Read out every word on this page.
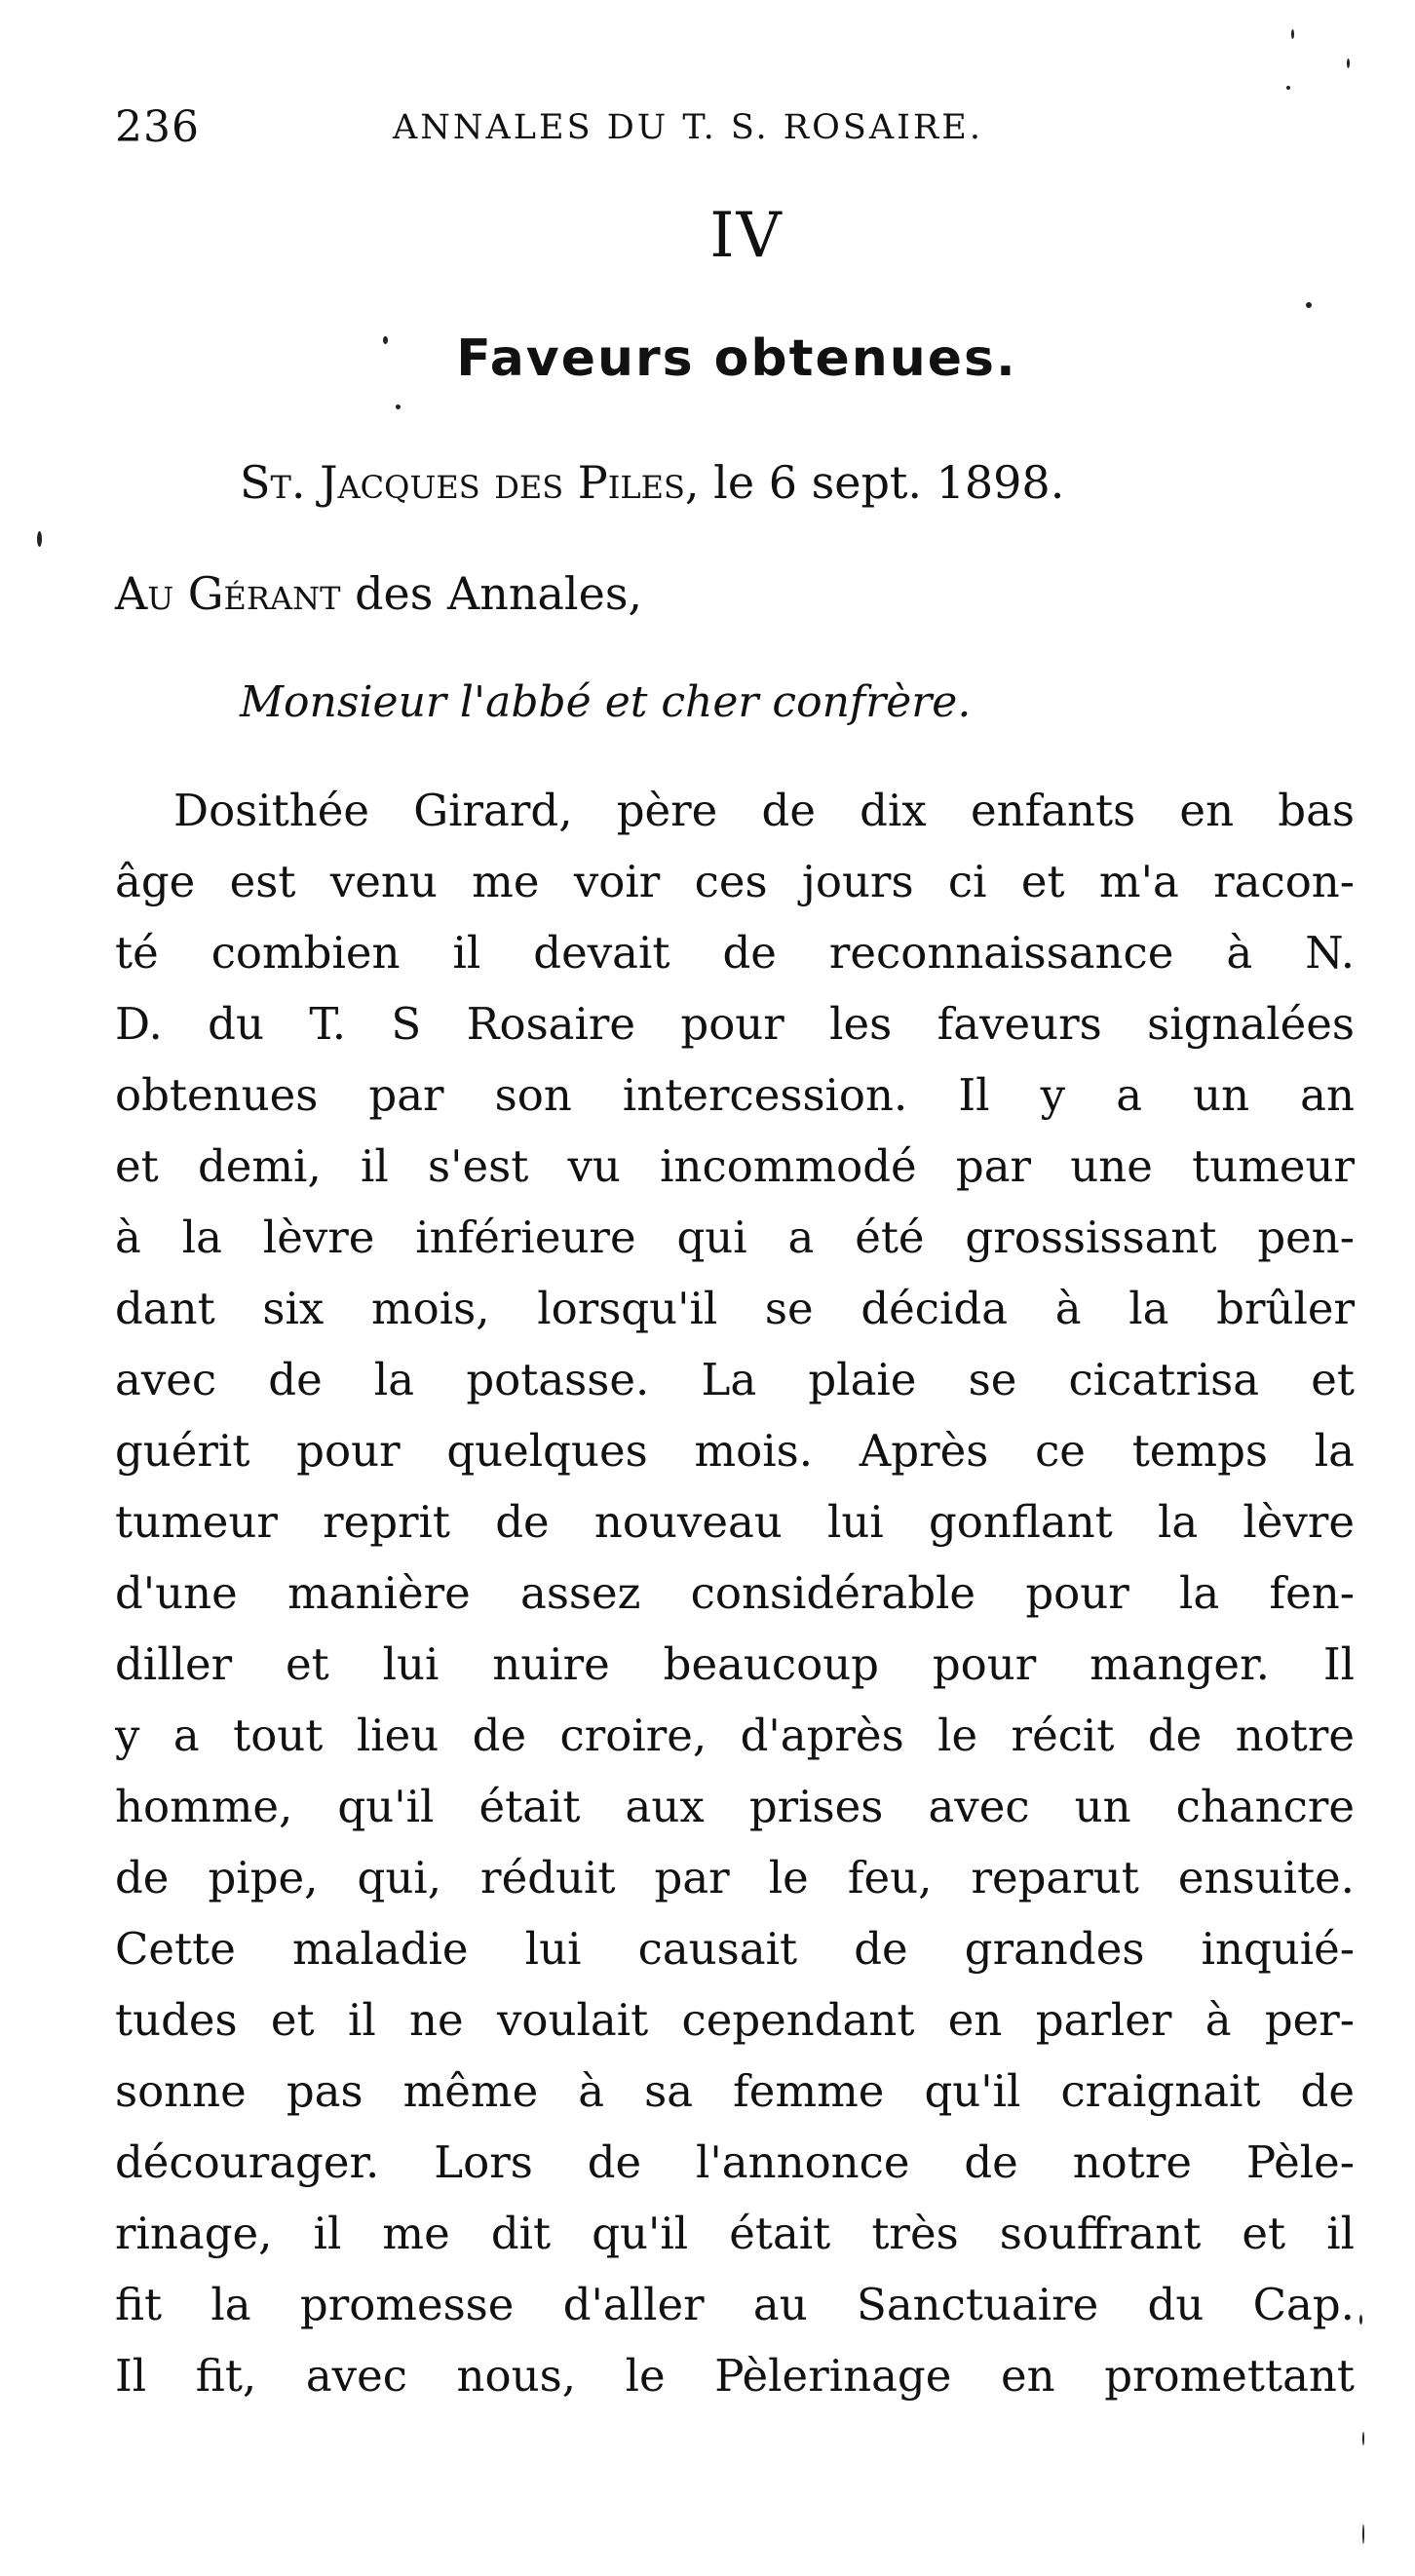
236	ANNALES DU T. S. ROSAIRE.
IV
Faveurs obtenues.
St. Jacques des Piles, le 6 sept. 1898.
Au Gérant des Annales,
Monsieur l'abbé et cher confrère.
Dosithée Girard, père de dix enfants en bas
âge est venu me voir ces jours ci et m'a racon-
té combien il devait de reconnaissance à N.
D. du T. S Rosaire pour les faveurs signalées
obtenues par son intercession. Il y a un an
et demi, il s'est vu incommodé par une tumeur
à la lèvre inférieure qui a été grossissant pen-
dant six mois, lorsqu'il se décida à la brûler
avec de la potasse. La plaie se cicatrisa et
guérit pour quelques mois. Après ce temps la
tumeur reprit de nouveau lui gonflant la lèvre
d'une manière assez considérable pour la fen-
diller et lui nuire beaucoup pour manger. Il
y a tout lieu de croire, d'après le récit de notre
homme, qu'il était aux prises avec un chancre
de pipe, qui, réduit par le feu, reparut ensuite.
Cette maladie lui causait de grandes inquié-
tudes et il ne voulait cependant en parler à per-
sonne pas même à sa femme qu'il craignait de
décourager. Lors de l'annonce de notre Pèle-
rinage, il me dit qu'il était très souffrant et il
fit la promesse d'aller au Sanctuaire du Cap.
Il fit, avec nous, le Pèlerinage en promettant
